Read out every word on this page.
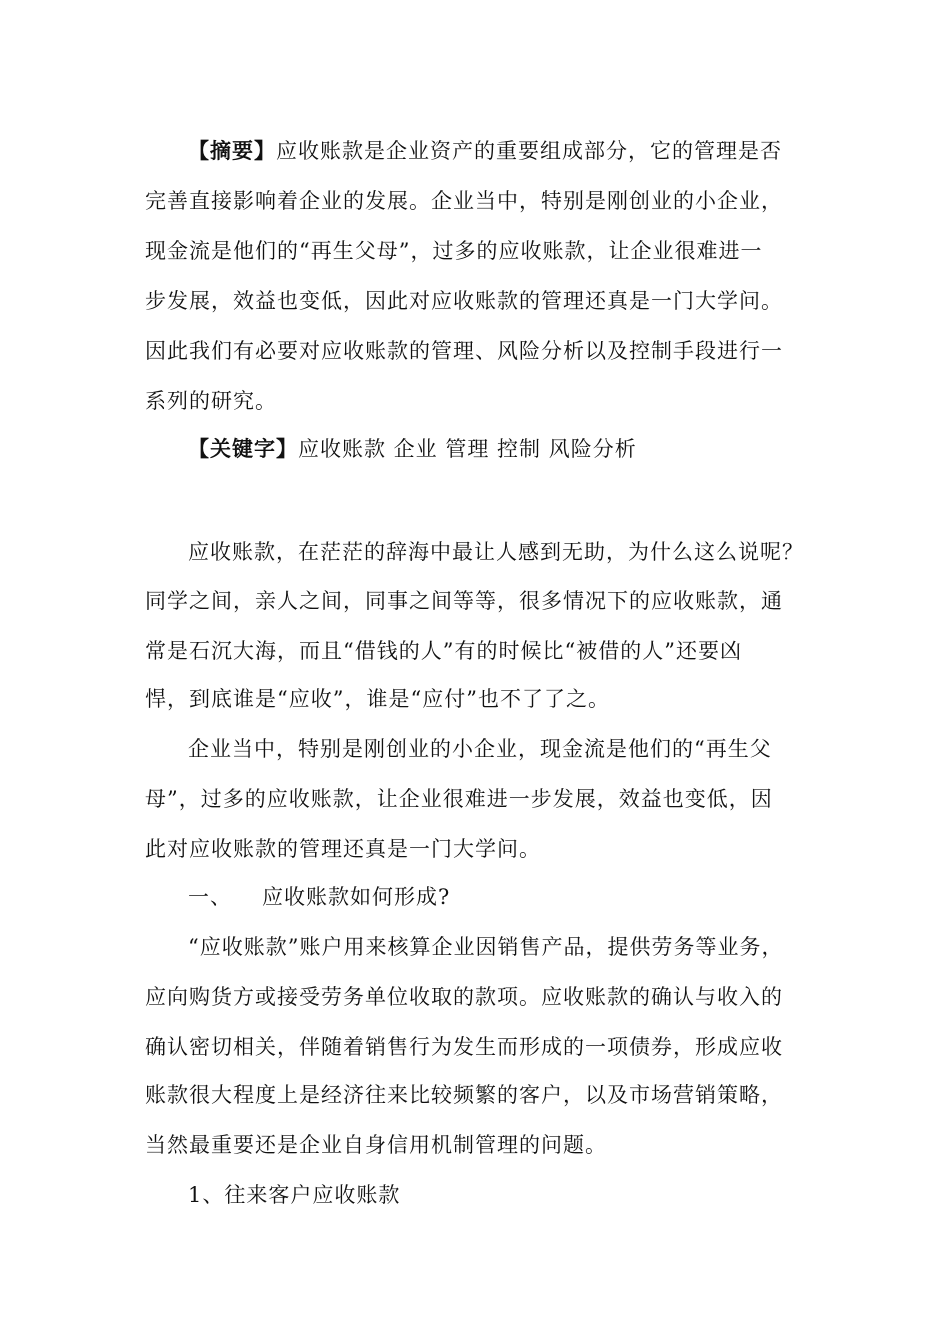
【摘要】应收账款是企业资产的重要组成部分，它的管理是否
完善直接影响着企业的发展。企业当中，特别是刚创业的小企业，
现金流是他们的“再生父母”，过多的应收账款，让企业很难进一
步发展，效益也变低，因此对应收账款的管理还真是一门大学问。
因此我们有必要对应收账款的管理、风险分析以及控制手段进行一
系列的研究。
【关键字】应收账款 企业 管理 控制 风险分析
应收账款，在茫茫的辞海中最让人感到无助，为什么这么说呢？
同学之间，亲人之间，同事之间等等，很多情况下的应收账款，通
常是石沉大海，而且“借钱的人”有的时候比“被借的人”还要凶
悍，到底谁是“应收”，谁是“应付”也不了了之。
企业当中，特别是刚创业的小企业，现金流是他们的“再生父
母”，过多的应收账款，让企业很难进一步发展，效益也变低，因
此对应收账款的管理还真是一门大学问。
一、 应收账款如何形成?
“应收账款”账户用来核算企业因销售产品，提供劳务等业务，
应向购货方或接受劳务单位收取的款项。应收账款的确认与收入的
确认密切相关，伴随着销售行为发生而形成的一项债券，形成应收
账款很大程度上是经济往来比较频繁的客户，以及市场营销策略，
当然最重要还是企业自身信用机制管理的问题。
1、往来客户应收账款
